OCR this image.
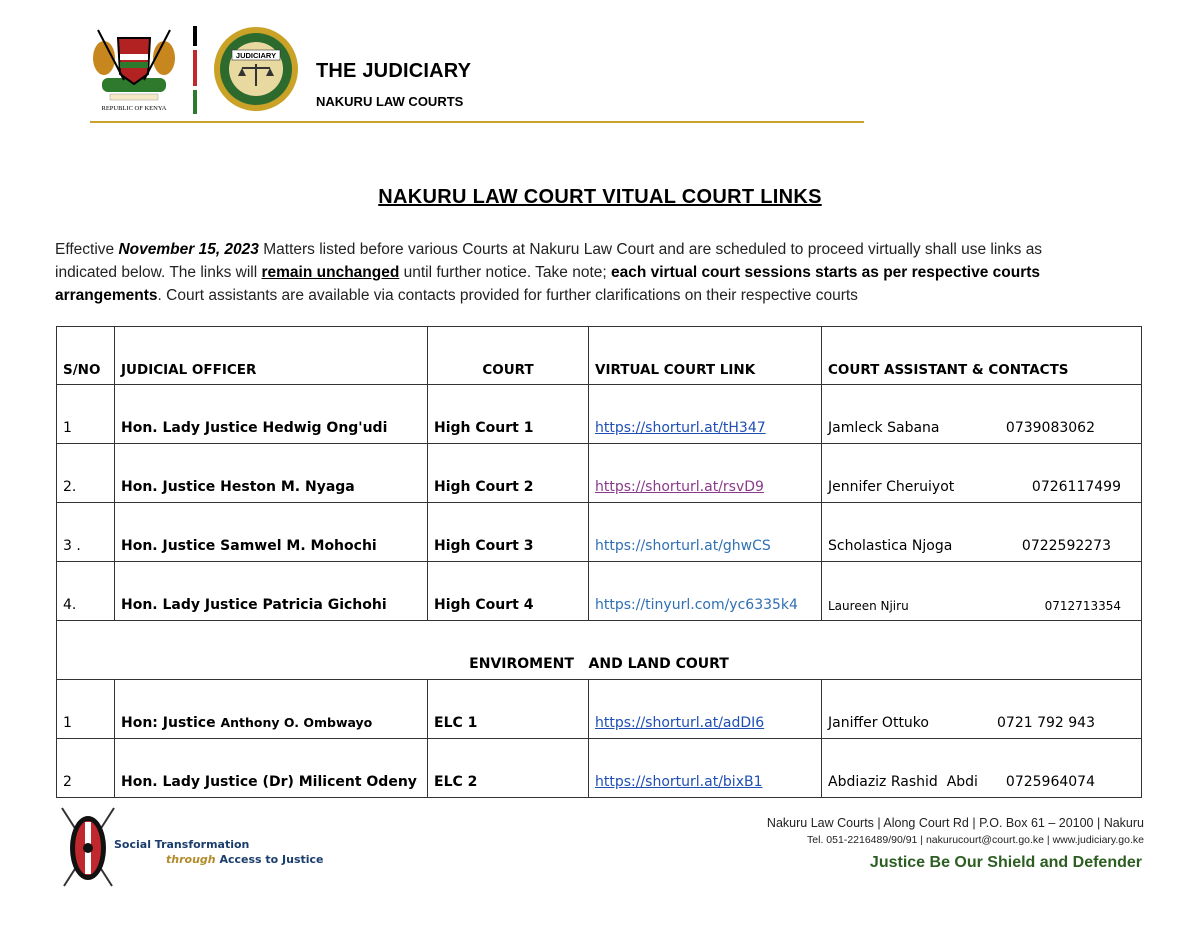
REPUBLIC OF KENYA
JUDICIARY
THE JUDICIARY
NAKURU LAW COURTS
NAKURU LAW COURT VITUAL COURT LINKS
Effective November 15, 2023 Matters listed before various Courts at Nakuru Law Court and are scheduled to proceed virtually shall use links as indicated below. The links will remain unchanged until further notice. Take note; each virtual court sessions starts as per respective courts arrangements. Court assistants are available via contacts provided for further clarifications on their respective courts
S/NO	JUDICIAL OFFICER	COURT	VIRTUAL COURT LINK	COURT ASSISTANT & CONTACTS
1	Hon. Lady Justice Hedwig Ong'udi	High Court 1	https://shorturl.at/tH347	Jamleck Sabana 0739083062

2.	Hon. Justice Heston M. Nyaga	High Court 2	https://shorturl.at/rsvD9	Jennifer Cheruiyot 0726117499

3 .	Hon. Justice Samwel M. Mohochi	High Court 3	https://shorturl.at/ghwCS	Scholastica Njoga 0722592273

4.	Hon. Lady Justice Patricia Gichohi	High Court 4	https://tinyurl.com/yc6335k4	Laureen Njiru 0712713354

ENVIROMENT   AND LAND COURT				
1	Hon: Justice Anthony O. Ombwayo	ELC 1	https://shorturl.at/adDI6	Janiffer Ottuko 0721 792 943

2	Hon. Lady Justice (Dr) Milicent Odeny	ELC 2	https://shorturl.at/bixB1	Abdiaziz Rashid  Abdi 0725964074
Social Transformation
through Access to Justice
Nakuru Law Courts | Along Court Rd | P.O. Box 61 – 20100 | Nakuru
Tel. 051-2216489/90/91 | nakurucourt@court.go.ke | www.judiciary.go.ke
Justice Be Our Shield and Defender
